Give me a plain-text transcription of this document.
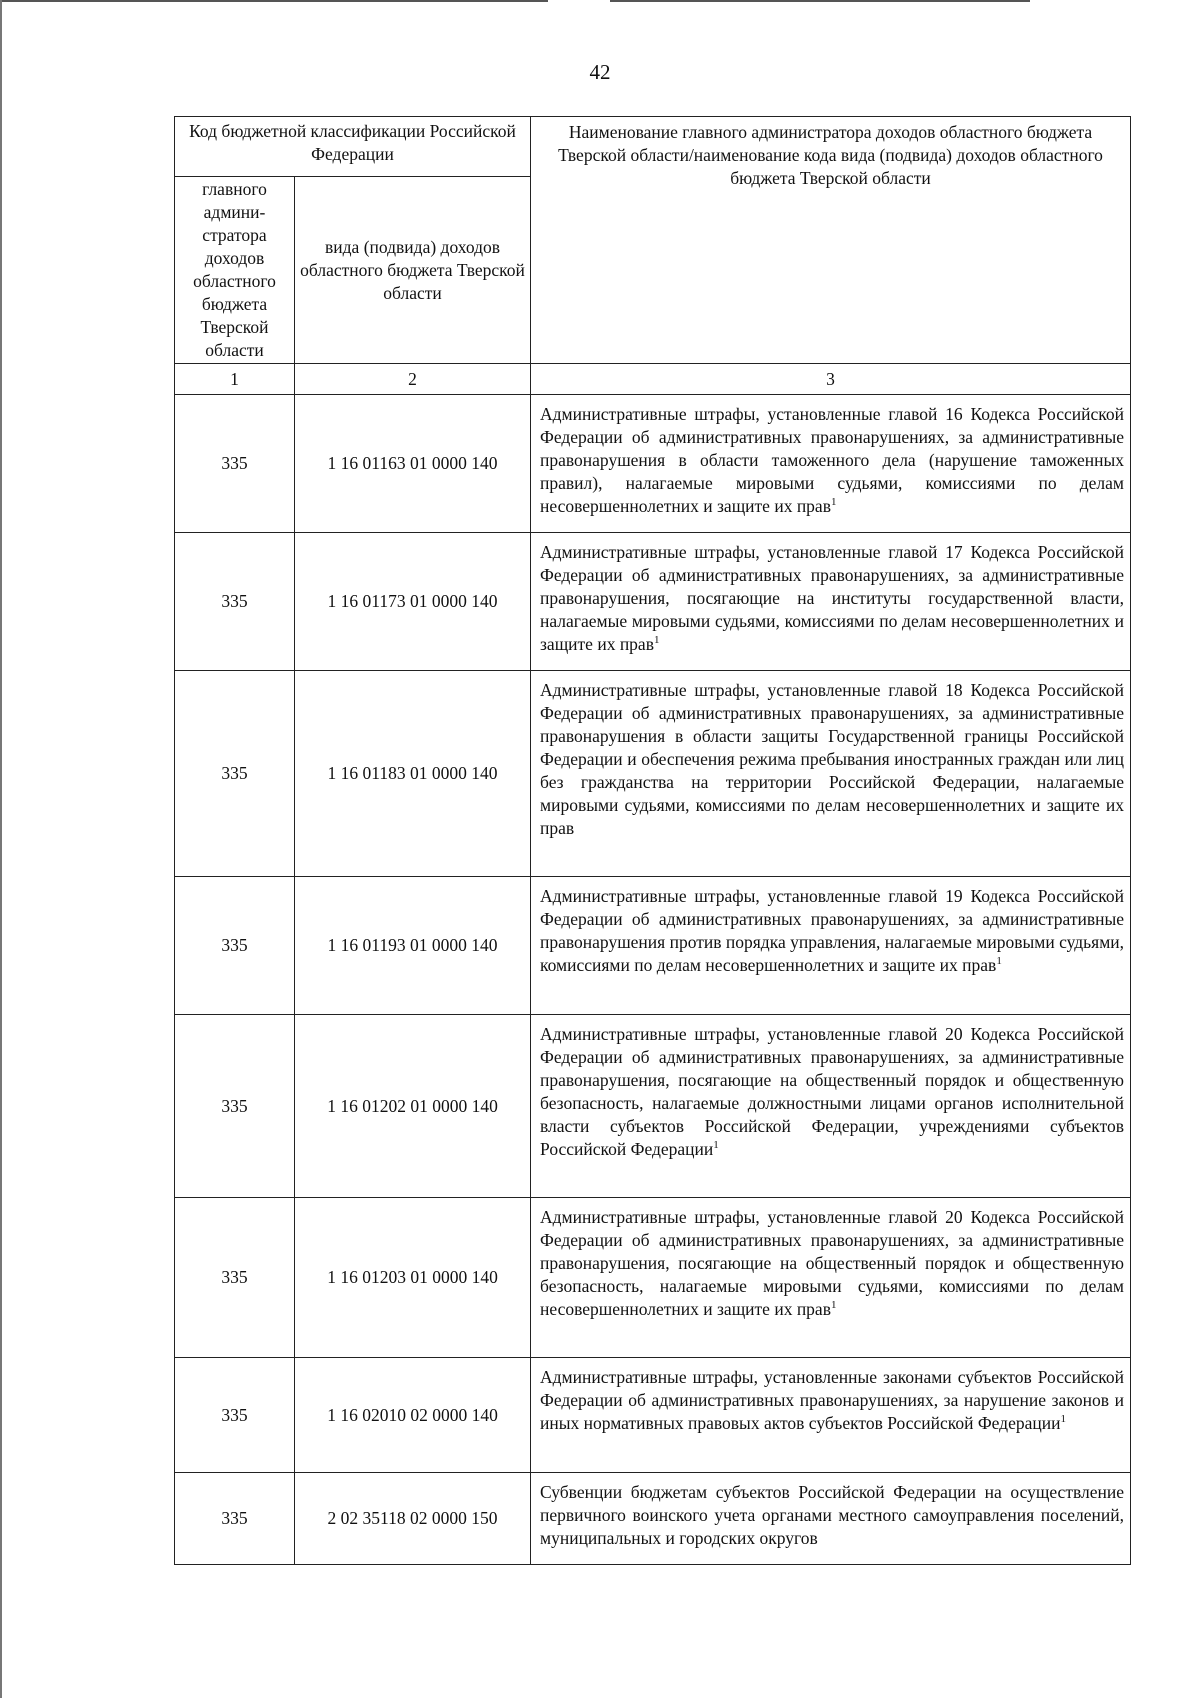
42
Код бюджетной классификации Российской Федерации		Наименование главного администратора доходов областного бюджета Тверской области/наименование кода вида (подвида) доходов областного бюджета Тверской области
главного админи-стратора доходов областного бюджета Тверской области	вида (подвида) доходов областного бюджета Тверской области	
1	2	3
335	1 16 01163 01 0000 140	Административные штрафы, установленные главой 16 Кодекса Российской Федерации об административных правонарушениях, за административные правонарушения в области таможенного дела (нарушение таможенных правил), налагаемые мировыми судьями, комиссиями по делам несовершеннолетних и защите их прав$^1$
335	1 16 01173 01 0000 140	Административные штрафы, установленные главой 17 Кодекса Российской Федерации об административных правонарушениях, за административные правонарушения, посягающие на институты государственной власти, налагаемые мировыми судьями, комиссиями по делам несовершеннолетних и защите их прав$^1$
335	1 16 01183 01 0000 140	Административные штрафы, установленные главой 18 Кодекса Российской Федерации об административных правонарушениях, за административные правонарушения в области защиты Государственной границы Российской Федерации и обеспечения режима пребывания иностранных граждан или лиц без гражданства на территории Российской Федерации, налагаемые мировыми судьями, комиссиями по делам несовершеннолетних и защите их прав
335	1 16 01193 01 0000 140	Административные штрафы, установленные главой 19 Кодекса Российской Федерации об административных правонарушениях, за административные правонарушения против порядка управления, налагаемые мировыми судьями, комиссиями по делам несовершеннолетних и защите их прав$^1$
335	1 16 01202 01 0000 140	Административные штрафы, установленные главой 20 Кодекса Российской Федерации об административных правонарушениях, за административные правонарушения, посягающие на общественный порядок и общественную безопасность, налагаемые должностными лицами органов исполнительной власти субъектов Российской Федерации, учреждениями субъектов Российской Федерации$^1$
335	1 16 01203 01 0000 140	Административные штрафы, установленные главой 20 Кодекса Российской Федерации об административных правонарушениях, за административные правонарушения, посягающие на общественный порядок и общественную безопасность, налагаемые мировыми судьями, комиссиями по делам несовершеннолетних и защите их прав$^1$
335	1 16 02010 02 0000 140	Административные штрафы, установленные законами субъектов Российской Федерации об административных правонарушениях, за нарушение законов и иных нормативных правовых актов субъектов Российской Федерации$^1$
335	2 02 35118 02 0000 150	Субвенции бюджетам субъектов Российской Федерации на осуществление первичного воинского учета органами местного самоуправления поселений, муниципальных и городских округов
